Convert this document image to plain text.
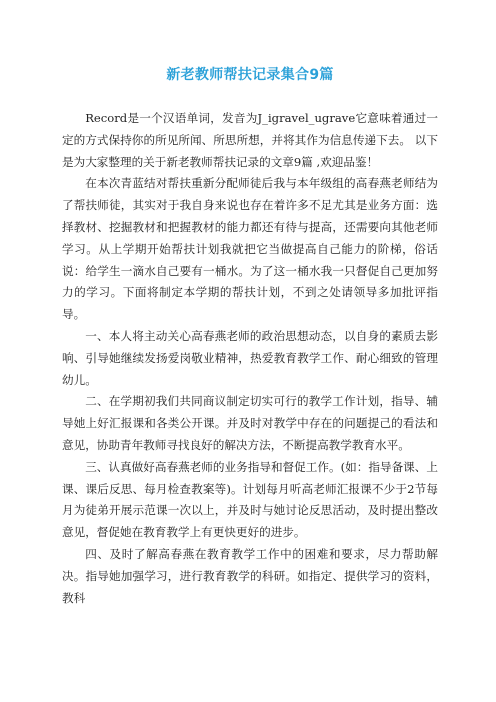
新老教师帮扶记录集合9篇

Record是一个汉语单词，发音为J_igravel_ugrave它意味着通过一定的方式保持你的所见所闻、所思所想，并将其作为信息传递下去。 以下是为大家整理的关于新老教师帮扶记录的文章9篇 ,欢迎品鉴！

在本次青蓝结对帮扶重新分配师徒后我与本年级组的高春燕老师结为了帮扶师徒，其实对于我自身来说也存在着许多不足尤其是业务方面：选择教材、挖掘教材和把握教材的能力都还有待与提高，还需要向其他老师学习。从上学期开始帮扶计划我就把它当做提高自己能力的阶梯，俗话说：给学生一滴水自己要有一桶水。为了这一桶水我一只督促自己更加努力的学习。下面将制定本学期的帮扶计划，不到之处请领导多加批评指导。

一、本人将主动关心高春燕老师的政治思想动态，以自身的素质去影响、引导她继续发扬爱岗敬业精神，热爱教育教学工作、耐心细致的管理幼儿。

二、在学期初我们共同商议制定切实可行的教学工作计划，指导、辅导她上好汇报课和各类公开课。并及时对教学中存在的问题提己的看法和意见，协助青年教师寻找良好的解决方法，不断提高教学教育水平。

三、认真做好高春燕老师的业务指导和督促工作。(如：指导备课、上课、课后反思、每月检查教案等)。计划每月听高老师汇报课不少于2节每月为徒弟开展示范课一次以上，并及时与她讨论反思活动，及时提出整改意见，督促她在教育教学上有更快更好的进步。

四、及时了解高春燕在教育教学工作中的困难和要求，尽力帮助解决。指导她加强学习，进行教育教学的科研。如指定、提供学习的资料，教科
